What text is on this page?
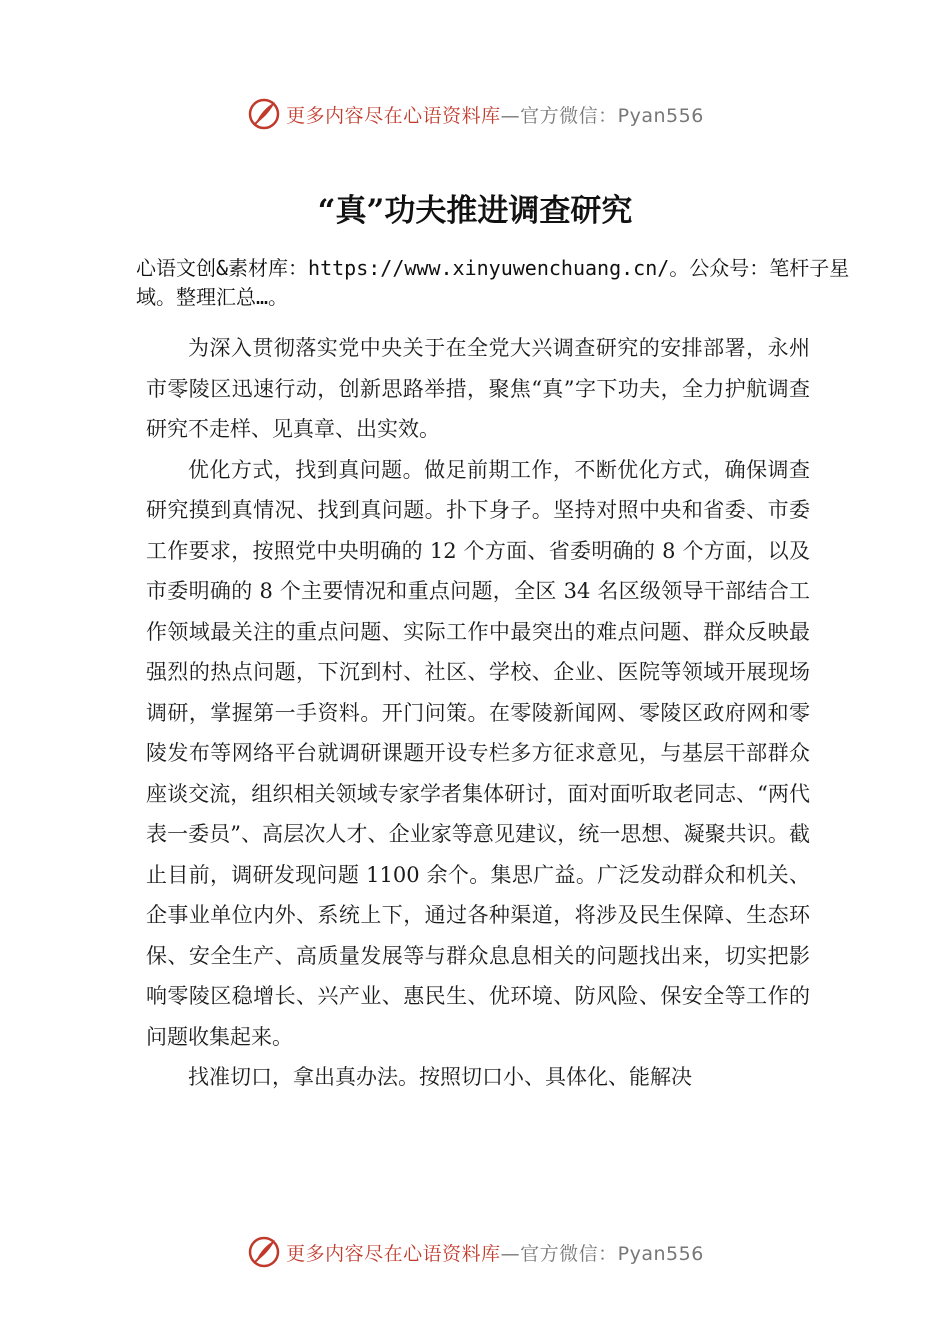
更多内容尽在心语资料库 —官方微信：Pyan556
“真”功夫推进调查研究
心语文创&素材库：https://www.xinyuwenchuang.cn/。公众号：笔杆子星域。整理汇总…。

为深入贯彻落实党中央关于在全党大兴调查研究的安排部署，永州市零陵区迅速行动，创新思路举措，聚焦“真”字下功夫，全力护航调查研究不走样、见真章、出实效。

优化方式，找到真问题。做足前期工作，不断优化方式，确保调查研究摸到真情况、找到真问题。扑下身子。坚持对照中央和省委、市委工作要求，按照党中央明确的 12 个方面、省委明确的 8 个方面，以及市委明确的 8 个主要情况和重点问题，全区 34 名区级领导干部结合工作领域最关注的重点问题、实际工作中最突出的难点问题、群众反映最强烈的热点问题，下沉到村、社区、学校、企业、医院等领域开展现场调研，掌握第一手资料。开门问策。在零陵新闻网、零陵区政府网和零陵发布等网络平台就调研课题开设专栏多方征求意见，与基层干部群众座谈交流，组织相关领域专家学者集体研讨，面对面听取老同志、“两代表一委员”、高层次人才、企业家等意见建议，统一思想、凝聚共识。截止目前，调研发现问题 1100 余个。集思广益。广泛发动群众和机关、企事业单位内外、系统上下，通过各种渠道，将涉及民生保障、生态环保、安全生产、高质量发展等与群众息息相关的问题找出来，切实把影响零陵区稳增长、兴产业、惠民生、优环境、防风险、保安全等工作的问题收集起来。

找准切口，拿出真办法。按照切口小、具体化、能解决

更多内容尽在心语资料库 —官方微信：Pyan556
